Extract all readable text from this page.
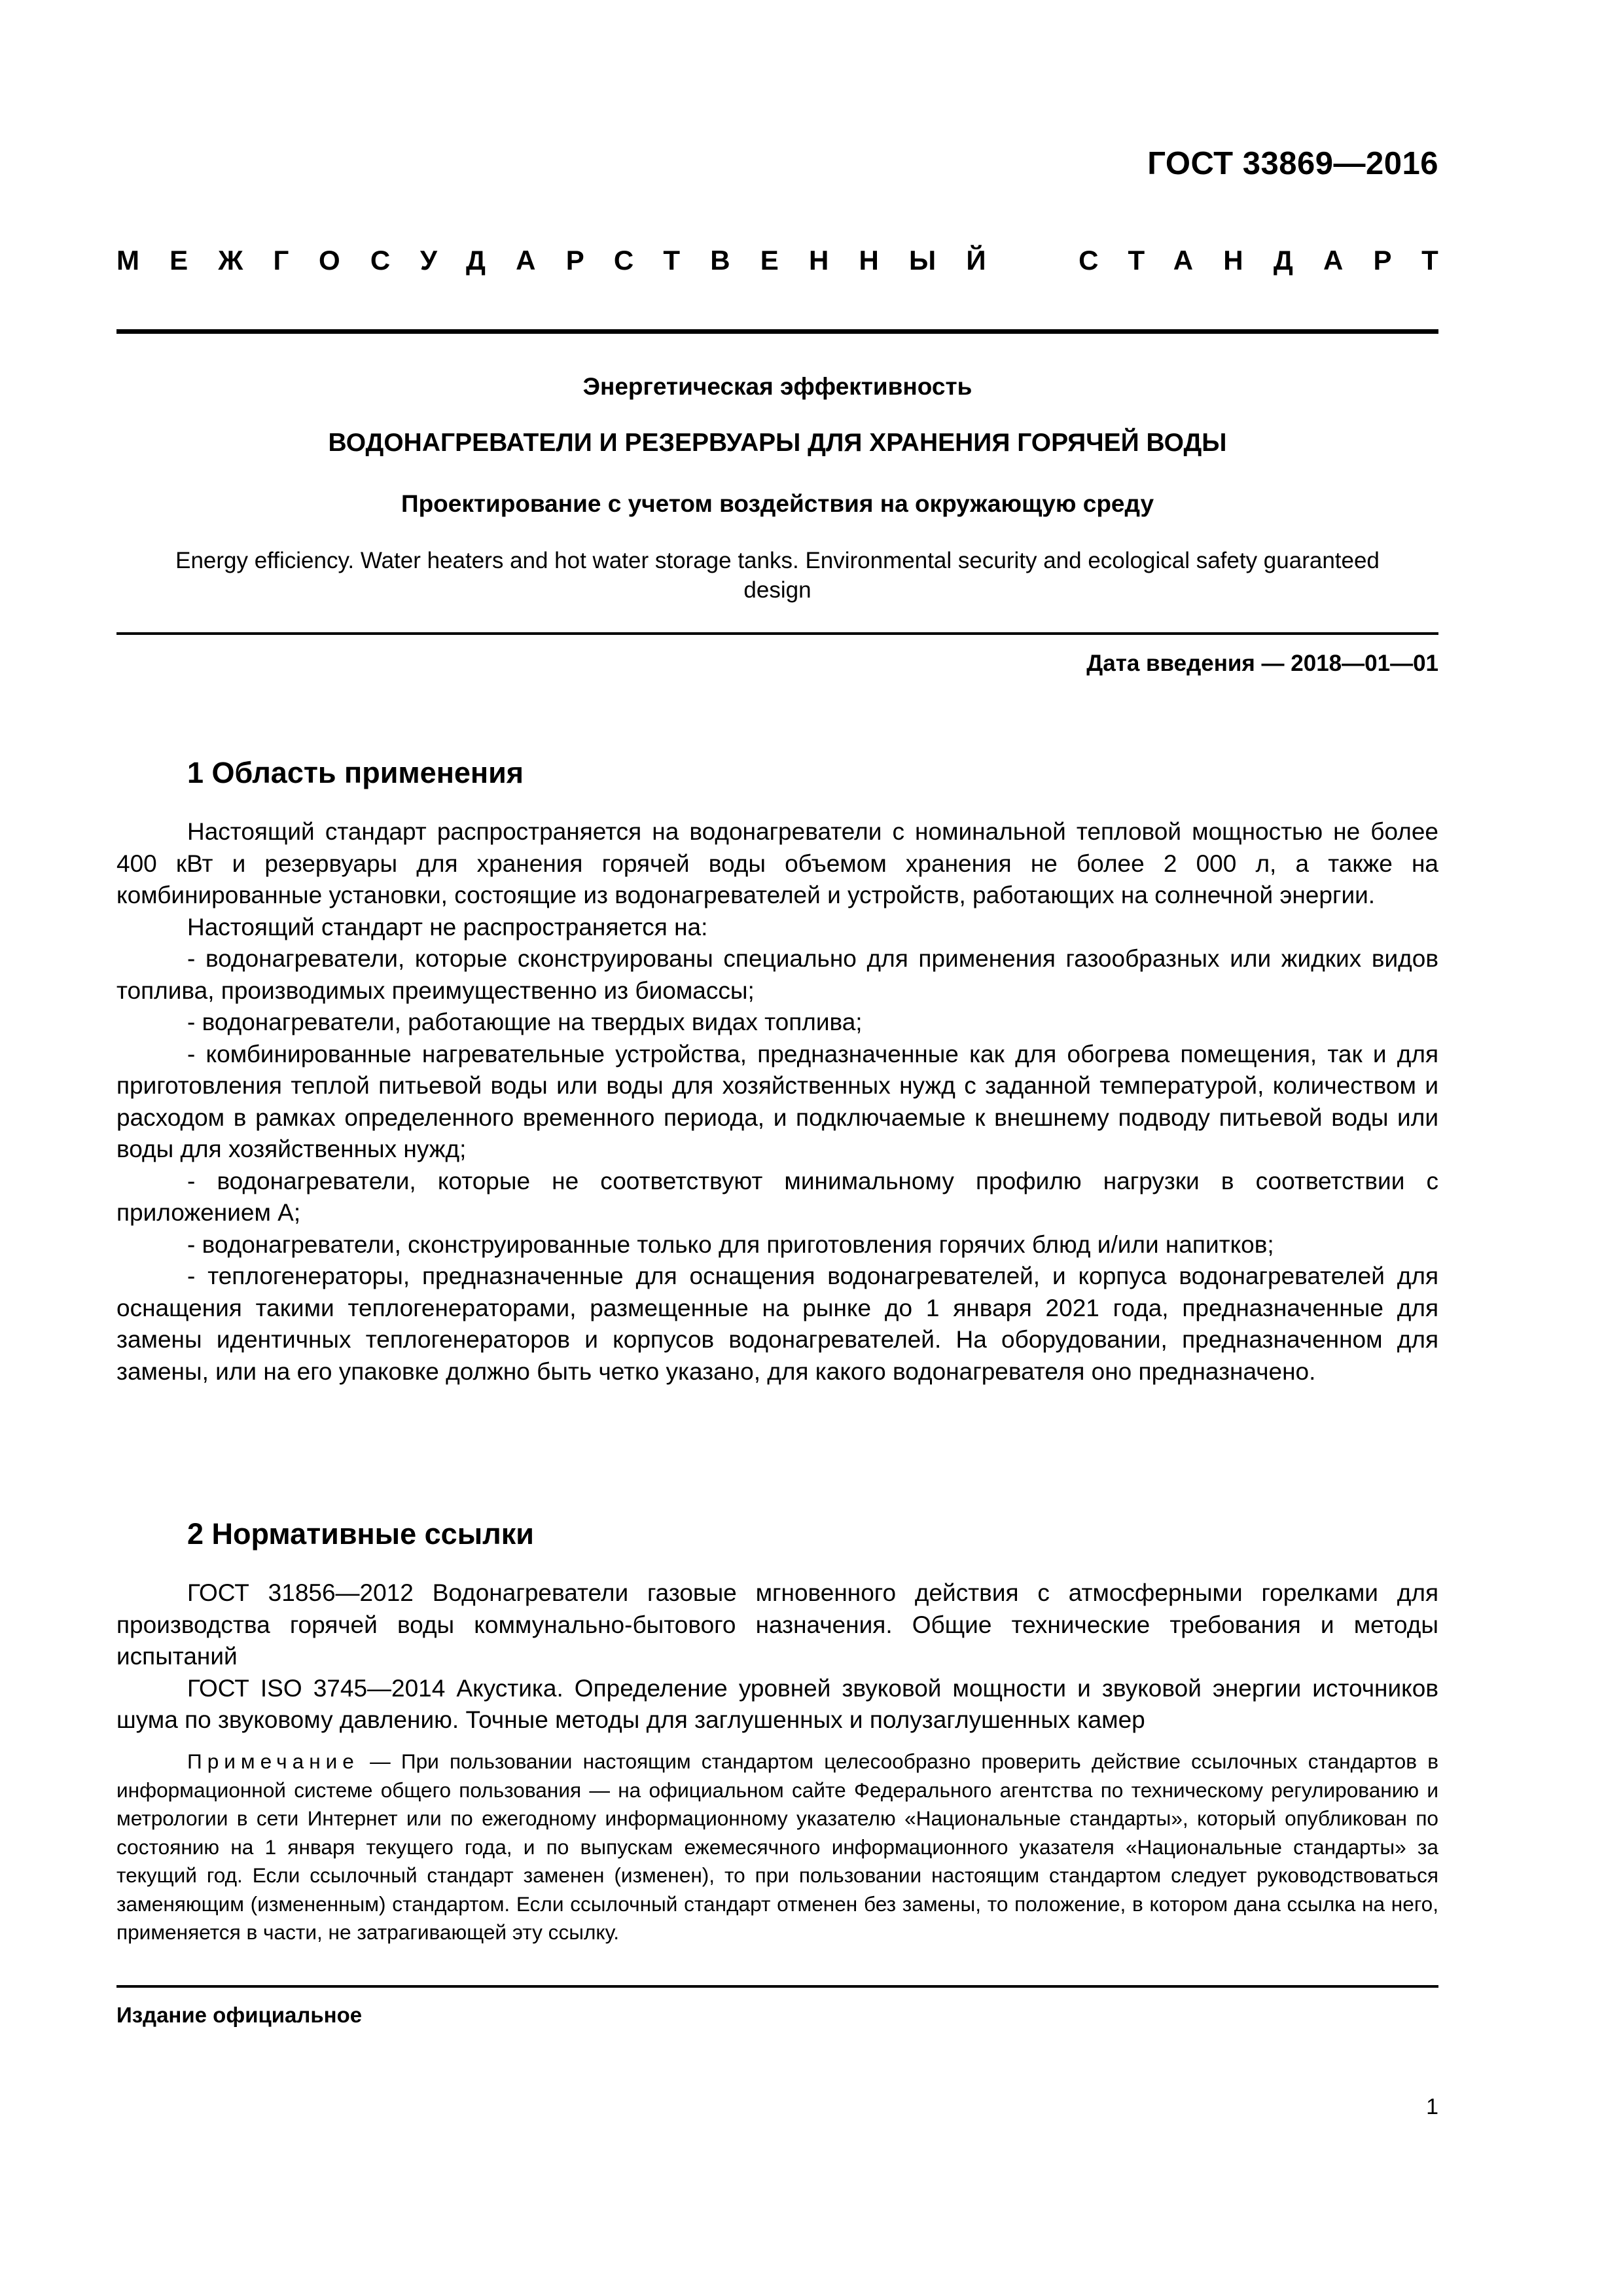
ГОСТ 33869—2016
МЕЖГОСУДАРСТВЕННЫЙ СТАНДАРТ
Энергетическая эффективность
ВОДОНАГРЕВАТЕЛИ И РЕЗЕРВУАРЫ ДЛЯ ХРАНЕНИЯ ГОРЯЧЕЙ ВОДЫ
Проектирование с учетом воздействия на окружающую среду
Energy efficiency. Water heaters and hot water storage tanks. Environmental security and ecological safety guaranteed
design
Дата введения — 2018—01—01
1 Область применения

Настоящий стандарт распространяется на водонагреватели с номинальной тепловой мощностью не более 400 кВт и резервуары для хранения горячей воды объемом хранения не более 2 000 л, а также на комбинированные установки, состоящие из водонагревателей и устройств, работающих на солнечной энергии.

Настоящий стандарт не распространяется на:

- водонагреватели, которые сконструированы специально для применения газообразных или жидких видов топлива, производимых преимущественно из биомассы;

- водонагреватели, работающие на твердых видах топлива;

- комбинированные нагревательные устройства, предназначенные как для обогрева помещения, так и для приготовления теплой питьевой воды или воды для хозяйственных нужд с заданной температурой, количеством и расходом в рамках определенного временного периода, и подключаемые к внешнему подводу питьевой воды или воды для хозяйственных нужд;

- водонагреватели, которые не соответствуют минимальному профилю нагрузки в соответствии с приложением А;

- водонагреватели, сконструированные только для приготовления горячих блюд и/или напитков;

- теплогенераторы, предназначенные для оснащения водонагревателей, и корпуса водонагревателей для оснащения такими теплогенераторами, размещенные на рынке до 1 января 2021 года, предназначенные для замены идентичных теплогенераторов и корпусов водонагревателей. На оборудовании, предназначенном для замены, или на его упаковке должно быть четко указано, для какого водонагревателя оно предназначено.

2 Нормативные ссылки

ГОСТ 31856—2012 Водонагреватели газовые мгновенного действия с атмосферными горелками для производства горячей воды коммунально-бытового назначения. Общие технические требования и методы испытаний

ГОСТ ISO 3745—2014 Акустика. Определение уровней звуковой мощности и звуковой энергии источников шума по звуковому давлению. Точные методы для заглушенных и полузаглушенных камер

Примечание — При пользовании настоящим стандартом целесообразно проверить действие ссылочных стандартов в информационной системе общего пользования — на официальном сайте Федерального агентства по техническому регулированию и метрологии в сети Интернет или по ежегодному информационному указателю «Национальные стандарты», который опубликован по состоянию на 1 января текущего года, и по выпускам ежемесячного информационного указателя «Национальные стандарты» за текущий год. Если ссылочный стандарт заменен (изменен), то при пользовании настоящим стандартом следует руководствоваться заменяющим (измененным) стандартом. Если ссылочный стандарт отменен без замены, то положение, в котором дана ссылка на него, применяется в части, не затрагивающей эту ссылку.

Издание официальное
1
